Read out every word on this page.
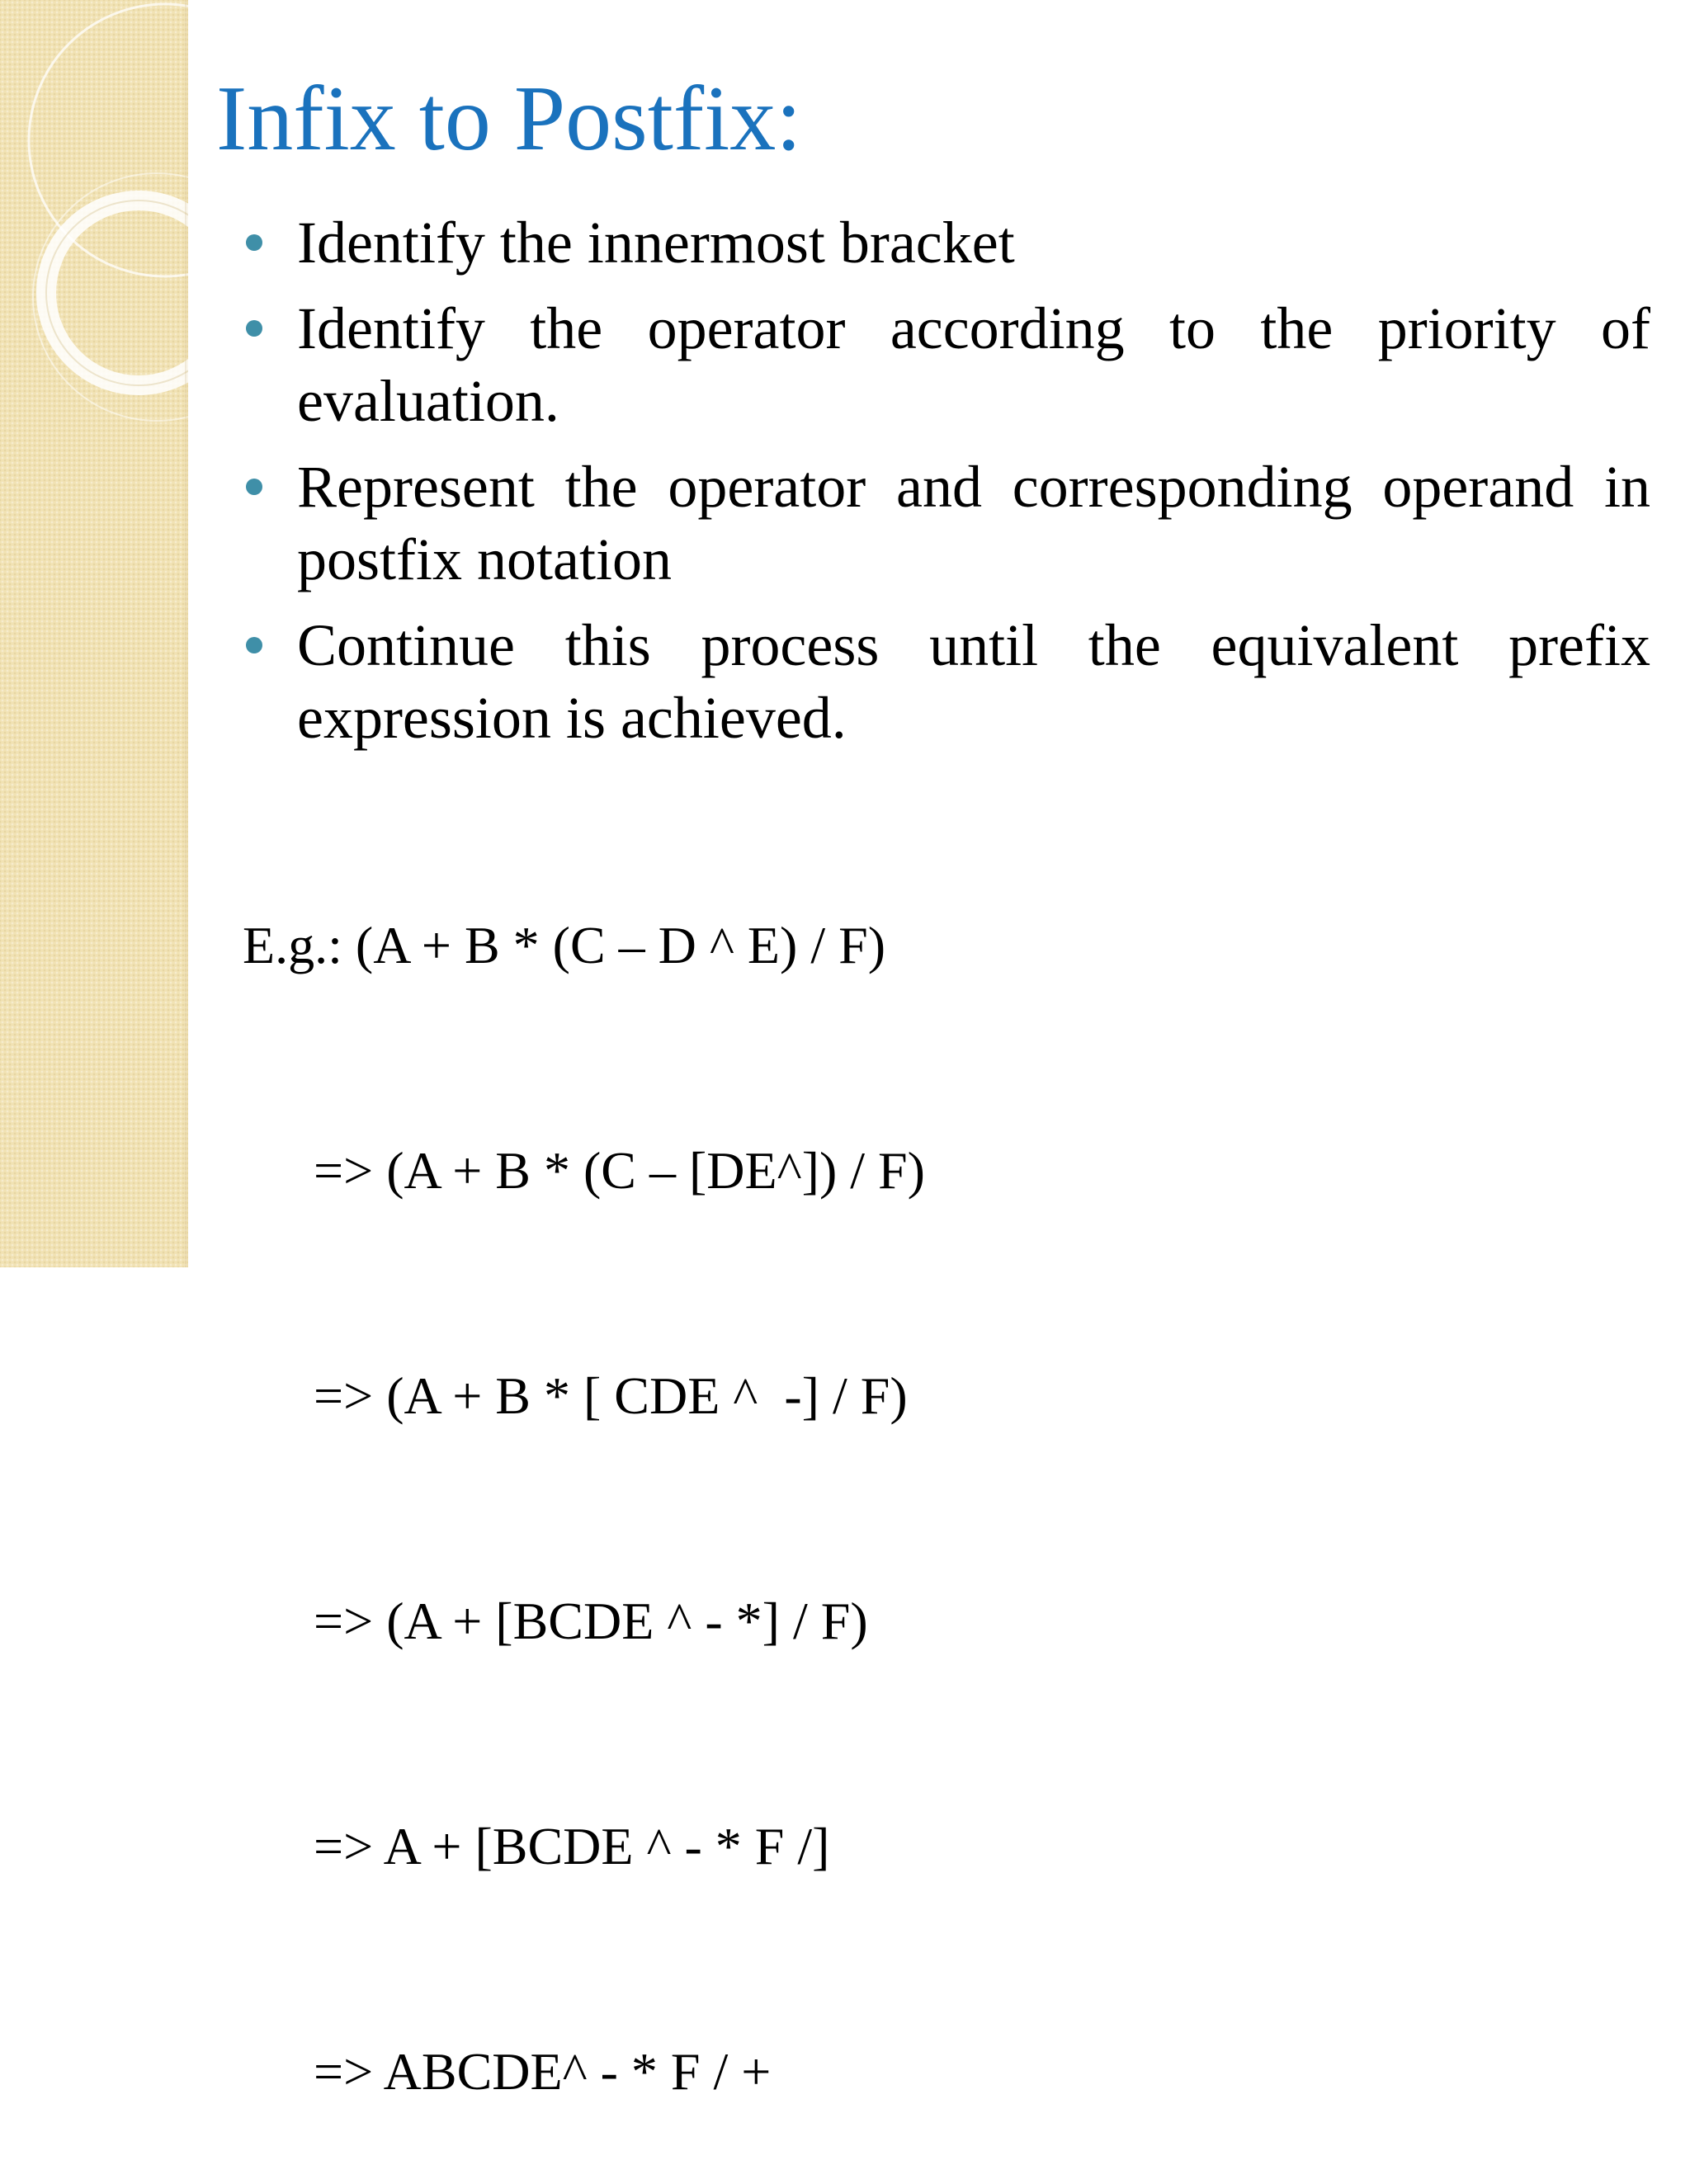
Infix to Postfix:
Identify the innermost bracket
Identify the operator according to the priority of evaluation.
Represent the operator and corresponding operand in postfix notation
Continue this process until the equivalent prefix expression is achieved.

E.g.: (A + B * (C – D ^ E) / F)

=> (A + B * (C – [DE^]) / F)

=> (A + B * [ CDE ^  -] / F)

=> (A + [BCDE ^ - *] / F)

=> A + [BCDE ^ - * F /]

=> ABCDE^ - * F / +
